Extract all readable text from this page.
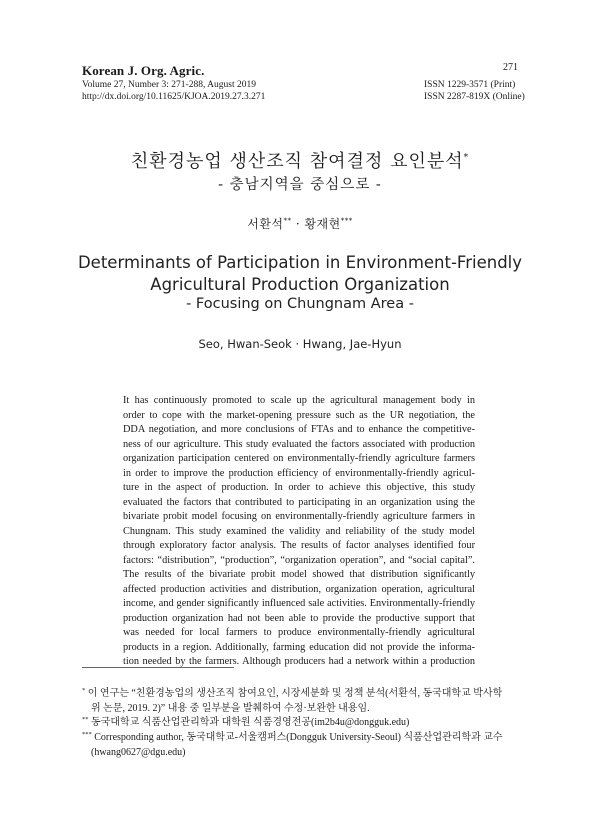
Korean J. Org. Agric.
Volume 27, Number 3: 271-288, August 2019
http://dx.doi.org/10.11625/KJOA.2019.27.3.271
271
ISSN 1229-3571 (Print)
ISSN 2287-819X (Online)
친환경농업 생산조직 참여결정 요인분석*
- 충남지역을 중심으로 -
서환석** · 황재현***
Determinants of Participation in Environment-Friendly
Agricultural Production Organization
- Focusing on Chungnam Area -
Seo, Hwan-Seok · Hwang, Jae-Hyun
It has continuously promoted to scale up the agricultural management body in
order to cope with the market-opening pressure such as the UR negotiation, the
DDA negotiation, and more conclusions of FTAs and to enhance the competitive-
ness of our agriculture. This study evaluated the factors associated with production
organization participation centered on environmentally-friendly agriculture farmers
in order to improve the production efficiency of environmentally-friendly agricul-
ture in the aspect of production. In order to achieve this objective, this study
evaluated the factors that contributed to participating in an organization using the
bivariate probit model focusing on environmentally-friendly agriculture farmers in
Chungnam. This study examined the validity and reliability of the study model
through exploratory factor analysis. The results of factor analyses identified four
factors: “distribution”, “production”, “organization operation”, and “social capital”.
The results of the bivariate probit model showed that distribution significantly
affected production activities and distribution, organization operation, agricultural
income, and gender significantly influenced sale activities. Environmentally-friendly
production organization had not been able to provide the productive support that
was needed for local farmers to produce environmentally-friendly agricultural
products in a region. Additionally, farming education did not provide the informa-
tion needed by the farmers. Although producers had a network within a production
* 이 연구는 “친환경농업의 생산조직 참여요인, 시장세분화 및 정책 분석(서환석, 동국대학교 박사학
위 논문, 2019. 2)” 내용 중 일부분을 발췌하여 수정·보완한 내용임.
** 동국대학교 식품산업관리학과 대학원 식품경영전공(im2b4u@dongguk.edu)
*** Corresponding author, 동국대학교-서울캠퍼스(Dongguk University-Seoul) 식품산업관리학과 교수
(hwang0627@dgu.edu)
